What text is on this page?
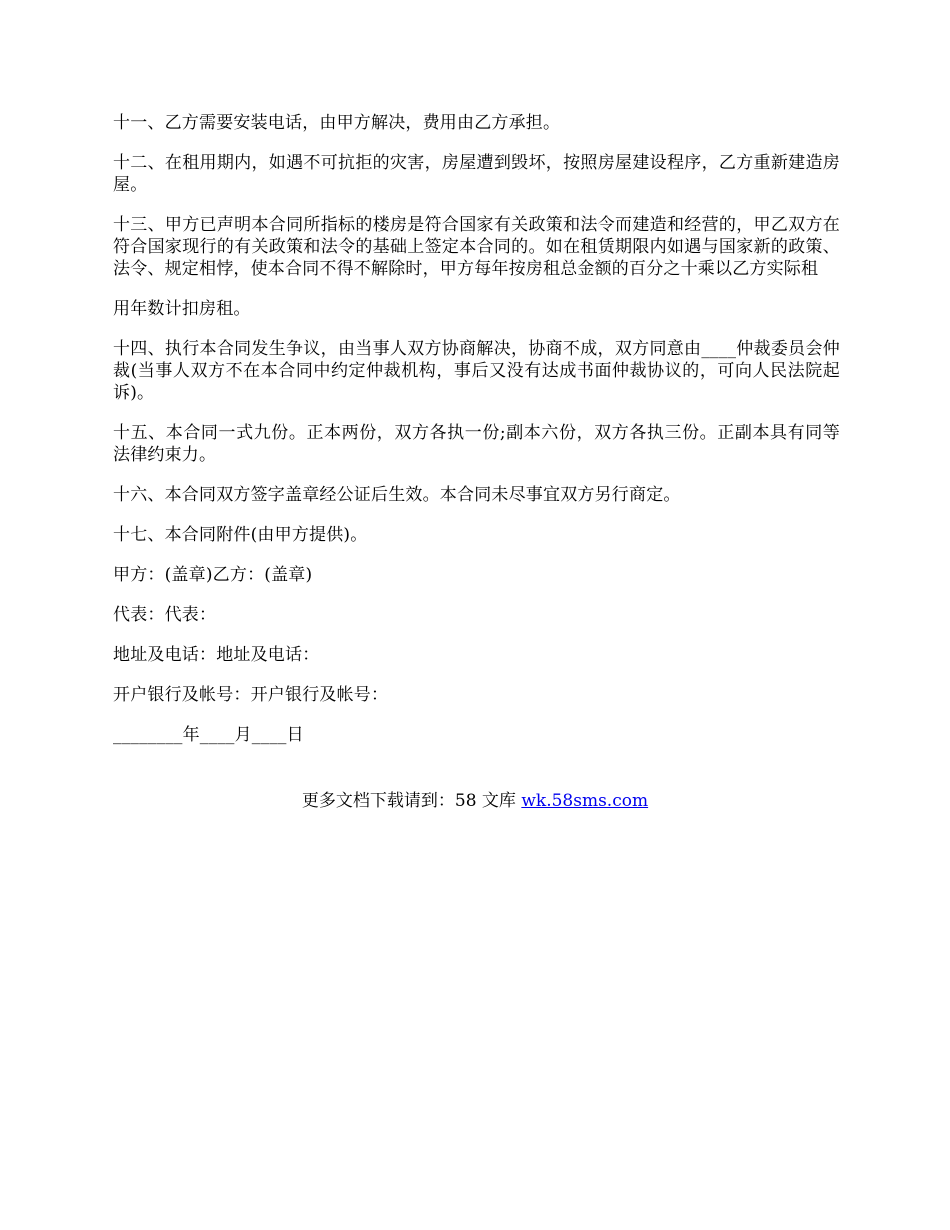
十一、乙方需要安装电话，由甲方解决，费用由乙方承担。

十二、在租用期内，如遇不可抗拒的灾害，房屋遭到毁坏，按照房屋建设程序，乙方重新建造房屋。

十三、甲方已声明本合同所指标的楼房是符合国家有关政策和法令而建造和经营的，甲乙双方在符合国家现行的有关政策和法令的基础上签定本合同的。如在租赁期限内如遇与国家新的政策、法令、规定相悖，使本合同不得不解除时，甲方每年按房租总金额的百分之十乘以乙方实际租

用年数计扣房租。

十四、执行本合同发生争议，由当事人双方协商解决，协商不成，双方同意由____仲裁委员会仲裁(当事人双方不在本合同中约定仲裁机构，事后又没有达成书面仲裁协议的，可向人民法院起诉)。

十五、本合同一式九份。正本两份，双方各执一份;副本六份，双方各执三份。正副本具有同等法律约束力。

十六、本合同双方签字盖章经公证后生效。本合同未尽事宜双方另行商定。

十七、本合同附件(由甲方提供)。

甲方：(盖章)乙方：(盖章)

代表：代表：

地址及电话：地址及电话：

开户银行及帐号：开户银行及帐号：

________年____月____日

更多文档下载请到：58 文库 wk.58sms.com
